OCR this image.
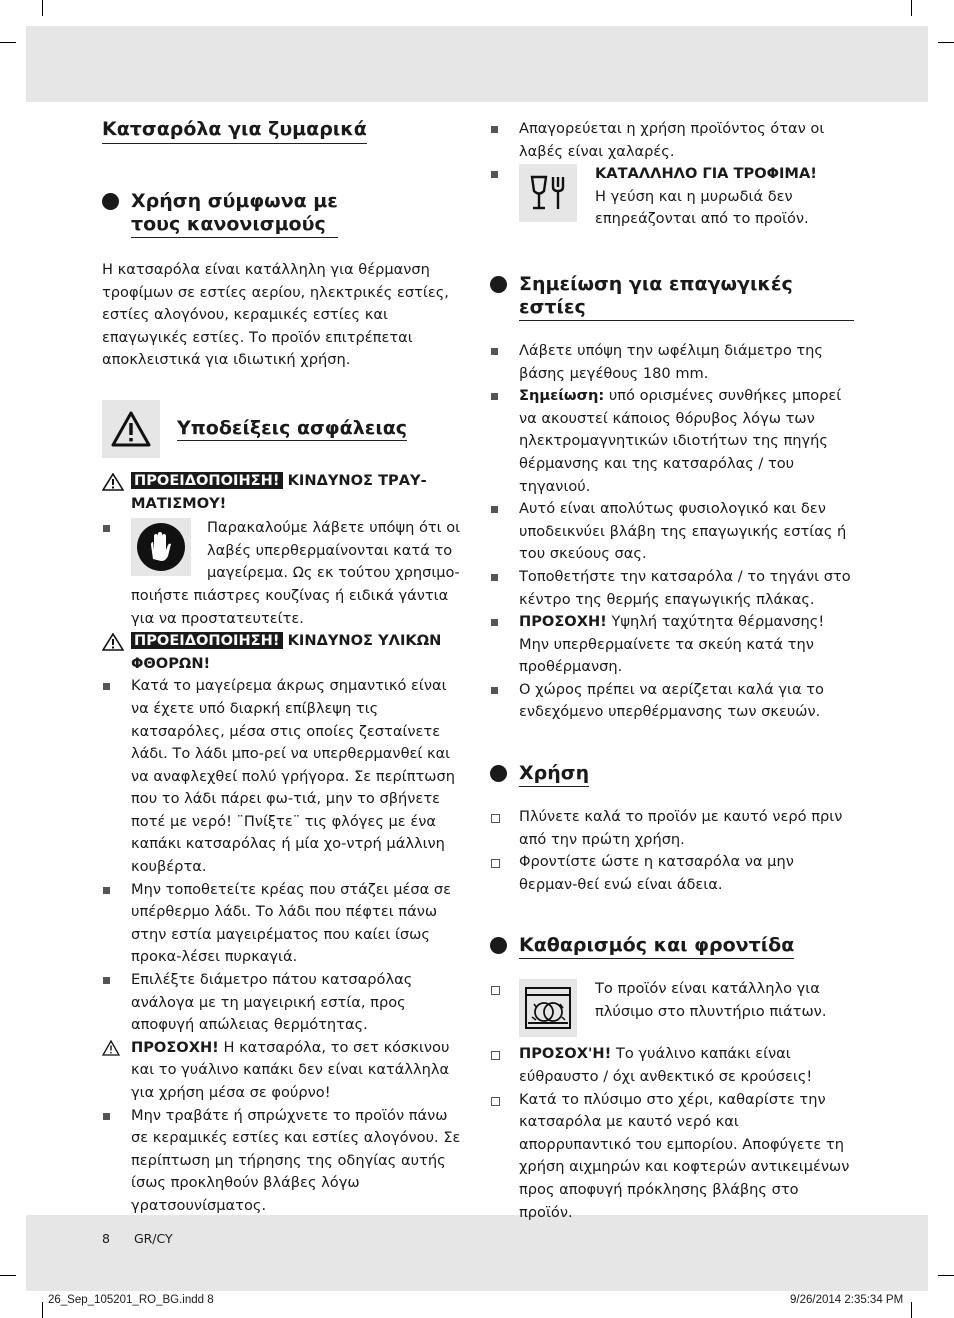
Κατσαρόλα για ζυμαρικά
Χρήση σύμφωνα με
τους κανονισμούς

Η κατσαρόλα είναι κατάλληλη για θέρμανση τροφίμων σε εστίες αερίου, ηλεκτρικές εστίες, εστίες αλογόνου, κεραμικές εστίες και επαγωγικές εστίες. Το προϊόν επιτρέπεται αποκλειστικά για ιδιωτική χρήση.

Υποδείξεις ασφάλειας
ΠΡΟΕΙΔΟΠΟΙΗΣΗ! ΚΙΝΔΥΝΟΣ ΤΡΑΥ-ΜΑΤΙΣΜΟΥ!
Παρακαλούμε λάβετε υπόψη ότι οι λαβές υπερθερμαίνονται κατά το μαγείρεμα. Ως εκ τούτου χρησιμο-
ποιήστε πιάστρες κουζίνας ή ειδικά γάντια για να προστατευτείτε.
ΠΡΟΕΙΔΟΠΟΙΗΣΗ! ΚΙΝΔΥΝΟΣ ΥΛΙΚΩΝ ΦΘΟΡΩΝ!
Κατά το μαγείρεμα άκρως σημαντικό είναι να έχετε υπό διαρκή επίβλεψη τις κατσαρόλες, μέσα στις οποίες ζεσταίνετε λάδι. Το λάδι μπο-ρεί να υπερθερμανθεί και να αναφλεχθεί πολύ γρήγορα. Σε περίπτωση που το λάδι πάρει φω-τιά, μην το σβήνετε ποτέ με νερό! ¨Πνίξτε¨ τις φλόγες με ένα καπάκι κατσαρόλας ή μία χο-ντρή μάλλινη κουβέρτα.
Μην τοποθετείτε κρέας που στάζει μέσα σε υπέρθερμο λάδι. Το λάδι που πέφτει πάνω στην εστία μαγειρέματος που καίει ίσως προκα-λέσει πυρκαγιά.
Επιλέξτε διάμετρο πάτου κατσαρόλας ανάλογα με τη μαγειρική εστία, προς αποφυγή απώλειας θερμότητας.
ΠΡΟΣΟΧΗ! Η κατσαρόλα, το σετ κόσκινου και το γυάλινο καπάκι δεν είναι κατάλληλα για χρήση μέσα σε φούρνο!
Μην τραβάτε ή σπρώχνετε το προϊόν πάνω σε κεραμικές εστίες και εστίες αλογόνου. Σε περίπτωση μη τήρησης της οδηγίας αυτής ίσως προκληθούν βλάβες λόγω γρατσουνίσματος.
Απαγορεύεται η χρήση προϊόντος όταν οι λαβές είναι χαλαρές.
ΚΑΤΑΛΛΗΛΟ ΓΙΑ ΤΡΟΦΙΜΑ!
Η γεύση και η μυρωδιά δεν επηρεάζονται από το προϊόν.
Σημείωση για επαγωγικές εστίες
Λάβετε υπόψη την ωφέλιμη διάμετρο της βάσης μεγέθους 180 mm.
Σημείωση: υπό ορισμένες συνθήκες μπορεί να ακουστεί κάποιος θόρυβος λόγω των ηλεκτρομαγνητικών ιδιοτήτων της πηγής θέρμανσης και της κατσαρόλας / του τηγανιού.
Αυτό είναι απολύτως φυσιολογικό και δεν υποδεικνύει βλάβη της επαγωγικής εστίας ή του σκεύους σας.
Τοποθετήστε την κατσαρόλα / το τηγάνι στο κέντρο της θερμής επαγωγικής πλάκας.
ΠΡΟΣΟΧΗ! Υψηλή ταχύτητα θέρμανσης! Μην υπερθερμαίνετε τα σκεύη κατά την προθέρμανση.
Ο χώρος πρέπει να αερίζεται καλά για το ενδεχόμενο υπερθέρμανσης των σκευών.
Χρήση
Πλύνετε καλά το προϊόν με καυτό νερό πριν από την πρώτη χρήση.
Φροντίστε ώστε η κατσαρόλα να μην θερμαν-θεί ενώ είναι άδεια.
Καθαρισμός και φροντίδα
Το προϊόν είναι κατάλληλο για πλύσιμο στο πλυντήριο πιάτων.
ΠΡΟΣΟΧ'Η! Το γυάλινο καπάκι είναι εύθραυστο / όχι ανθεκτικό σε κρούσεις!
Κατά το πλύσιμο στο χέρι, καθαρίστε την κατσαρόλα με καυτό νερό και απορρυπαντικό του εμπορίου. Αποφύγετε τη χρήση αιχμηρών και κοφτερών αντικειμένων προς αποφυγή πρόκλησης βλάβης στο προϊόν.
8 GR/CY
26_Sep_105201_RO_BG.indd 8	9/26/2014 2:35:34 PM
